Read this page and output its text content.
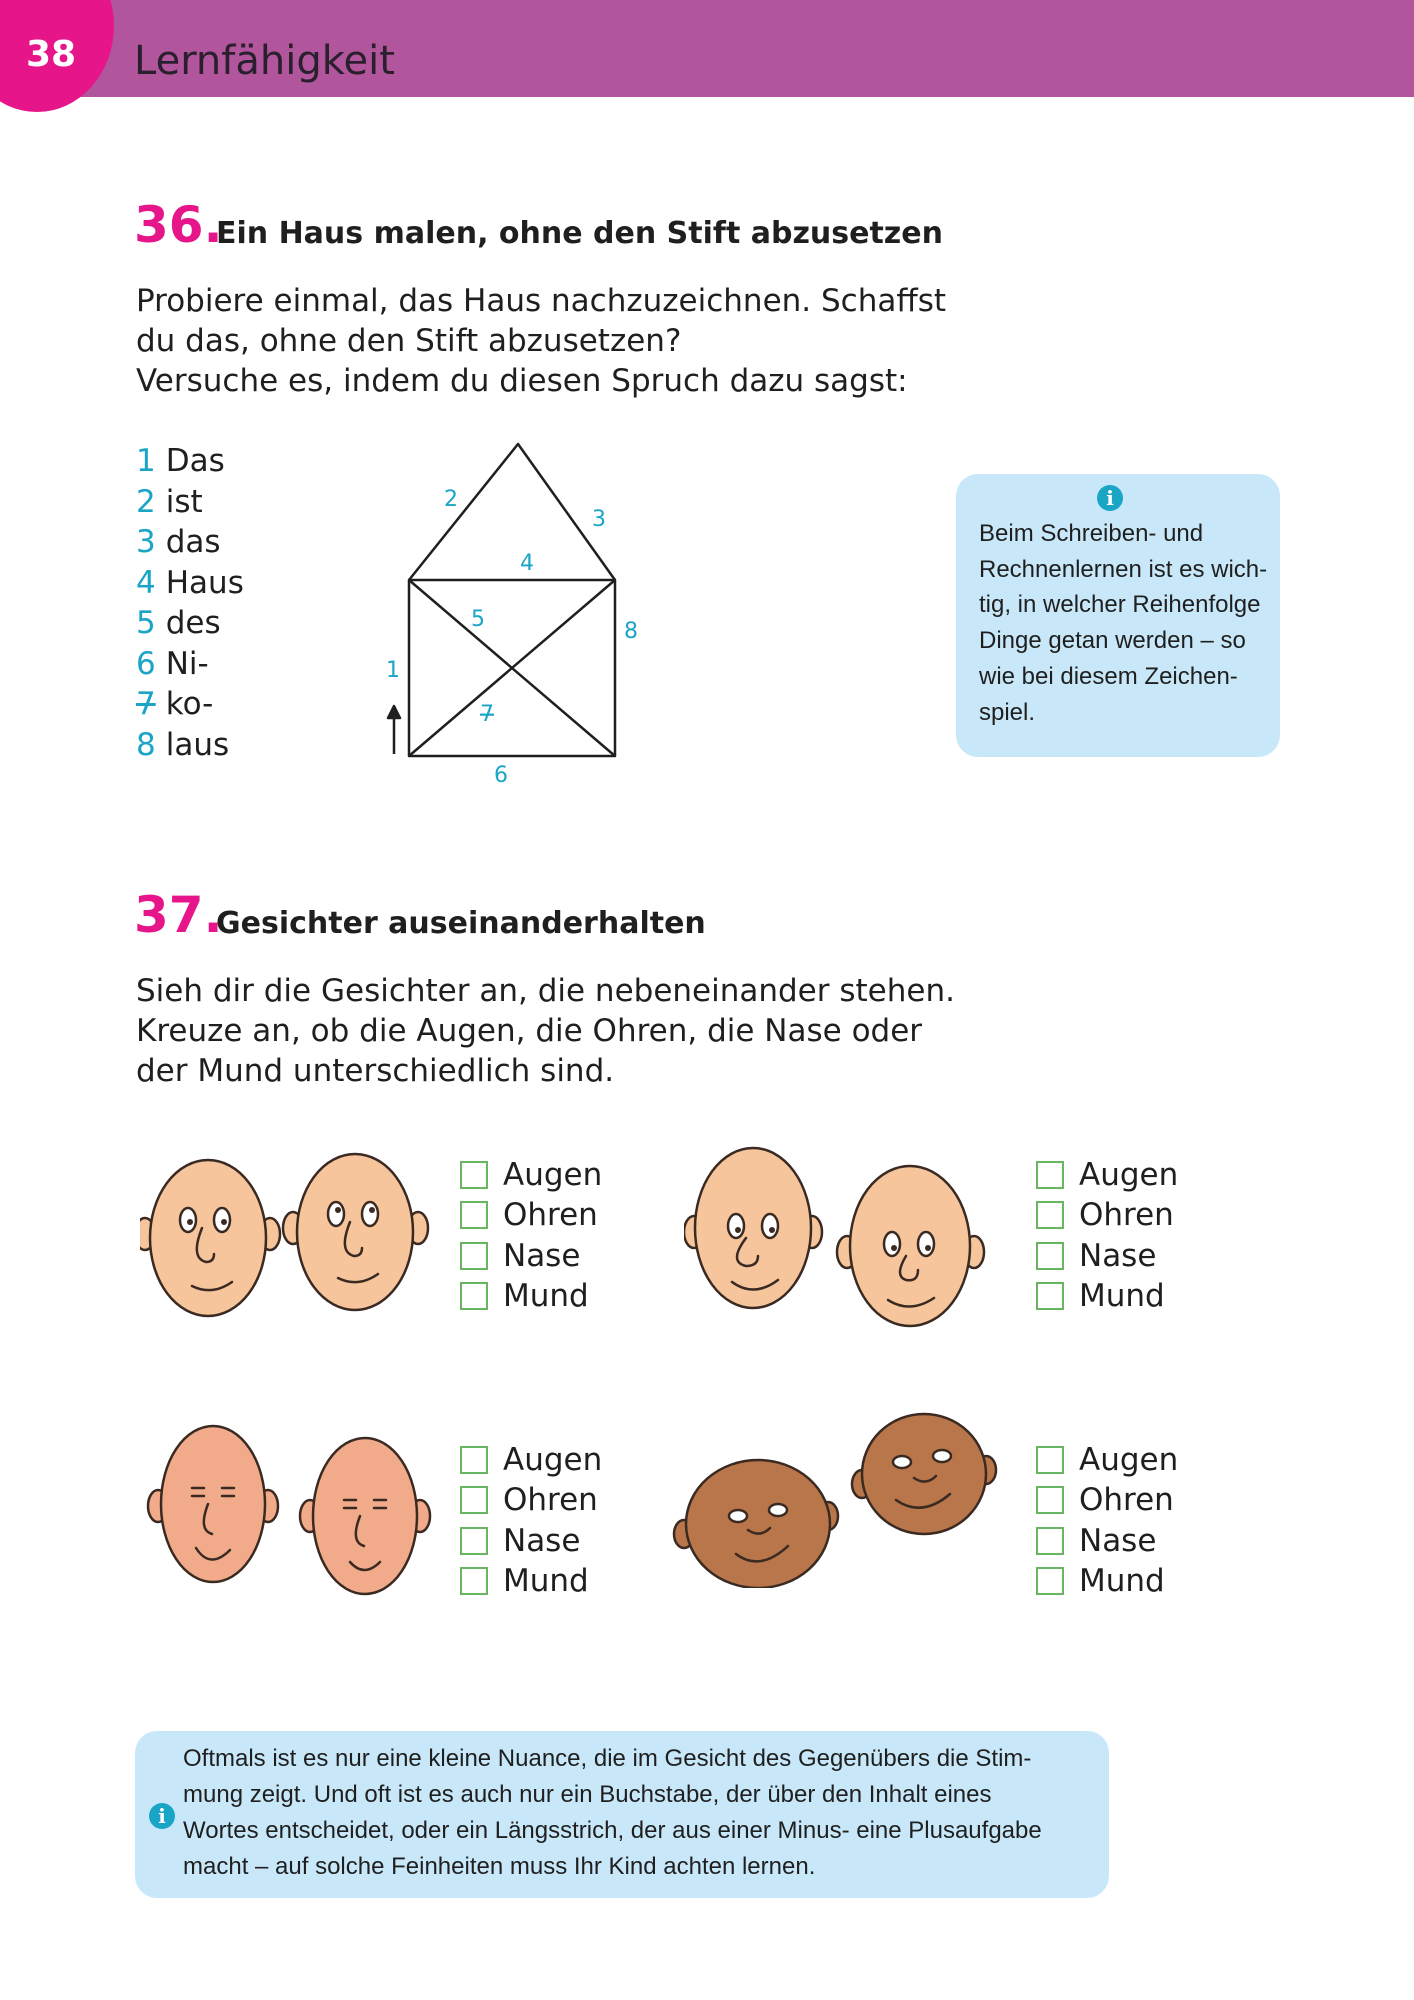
38 Lernfähigkeit
36.
Ein Haus malen, ohne den Stift abzusetzen
Probiere einmal, das Haus nachzuzeichnen. Schaffst
du das, ohne den Stift abzusetzen?
Versuche es, indem du diesen Spruch dazu sagst:
1 Das
2 ist
3 das
4 Haus
5 des
6 Ni-
7 ko-
8 laus
1
2
3
4
5
6
7
8
i
Beim Schreiben- und
Rechnenlernen ist es wich-
tig, in welcher Reihenfolge
Dinge getan werden – so
wie bei diesem Zeichen-
spiel.
37.
Gesichter auseinanderhalten
Sieh dir die Gesichter an, die nebeneinander stehen.
Kreuze an, ob die Augen, die Ohren, die Nase oder
der Mund unterschiedlich sind.
Augen
Ohren
Nase
Mund
Augen
Ohren
Nase
Mund
Augen
Ohren
Nase
Mund
Augen
Ohren
Nase
Mund
i
Oftmals ist es nur eine kleine Nuance, die im Gesicht des Gegenübers die Stim-
mung zeigt. Und oft ist es auch nur ein Buchstabe, der über den Inhalt eines
Wortes entscheidet, oder ein Längsstrich, der aus einer Minus- eine Plusaufgabe
macht – auf solche Feinheiten muss Ihr Kind achten lernen.
